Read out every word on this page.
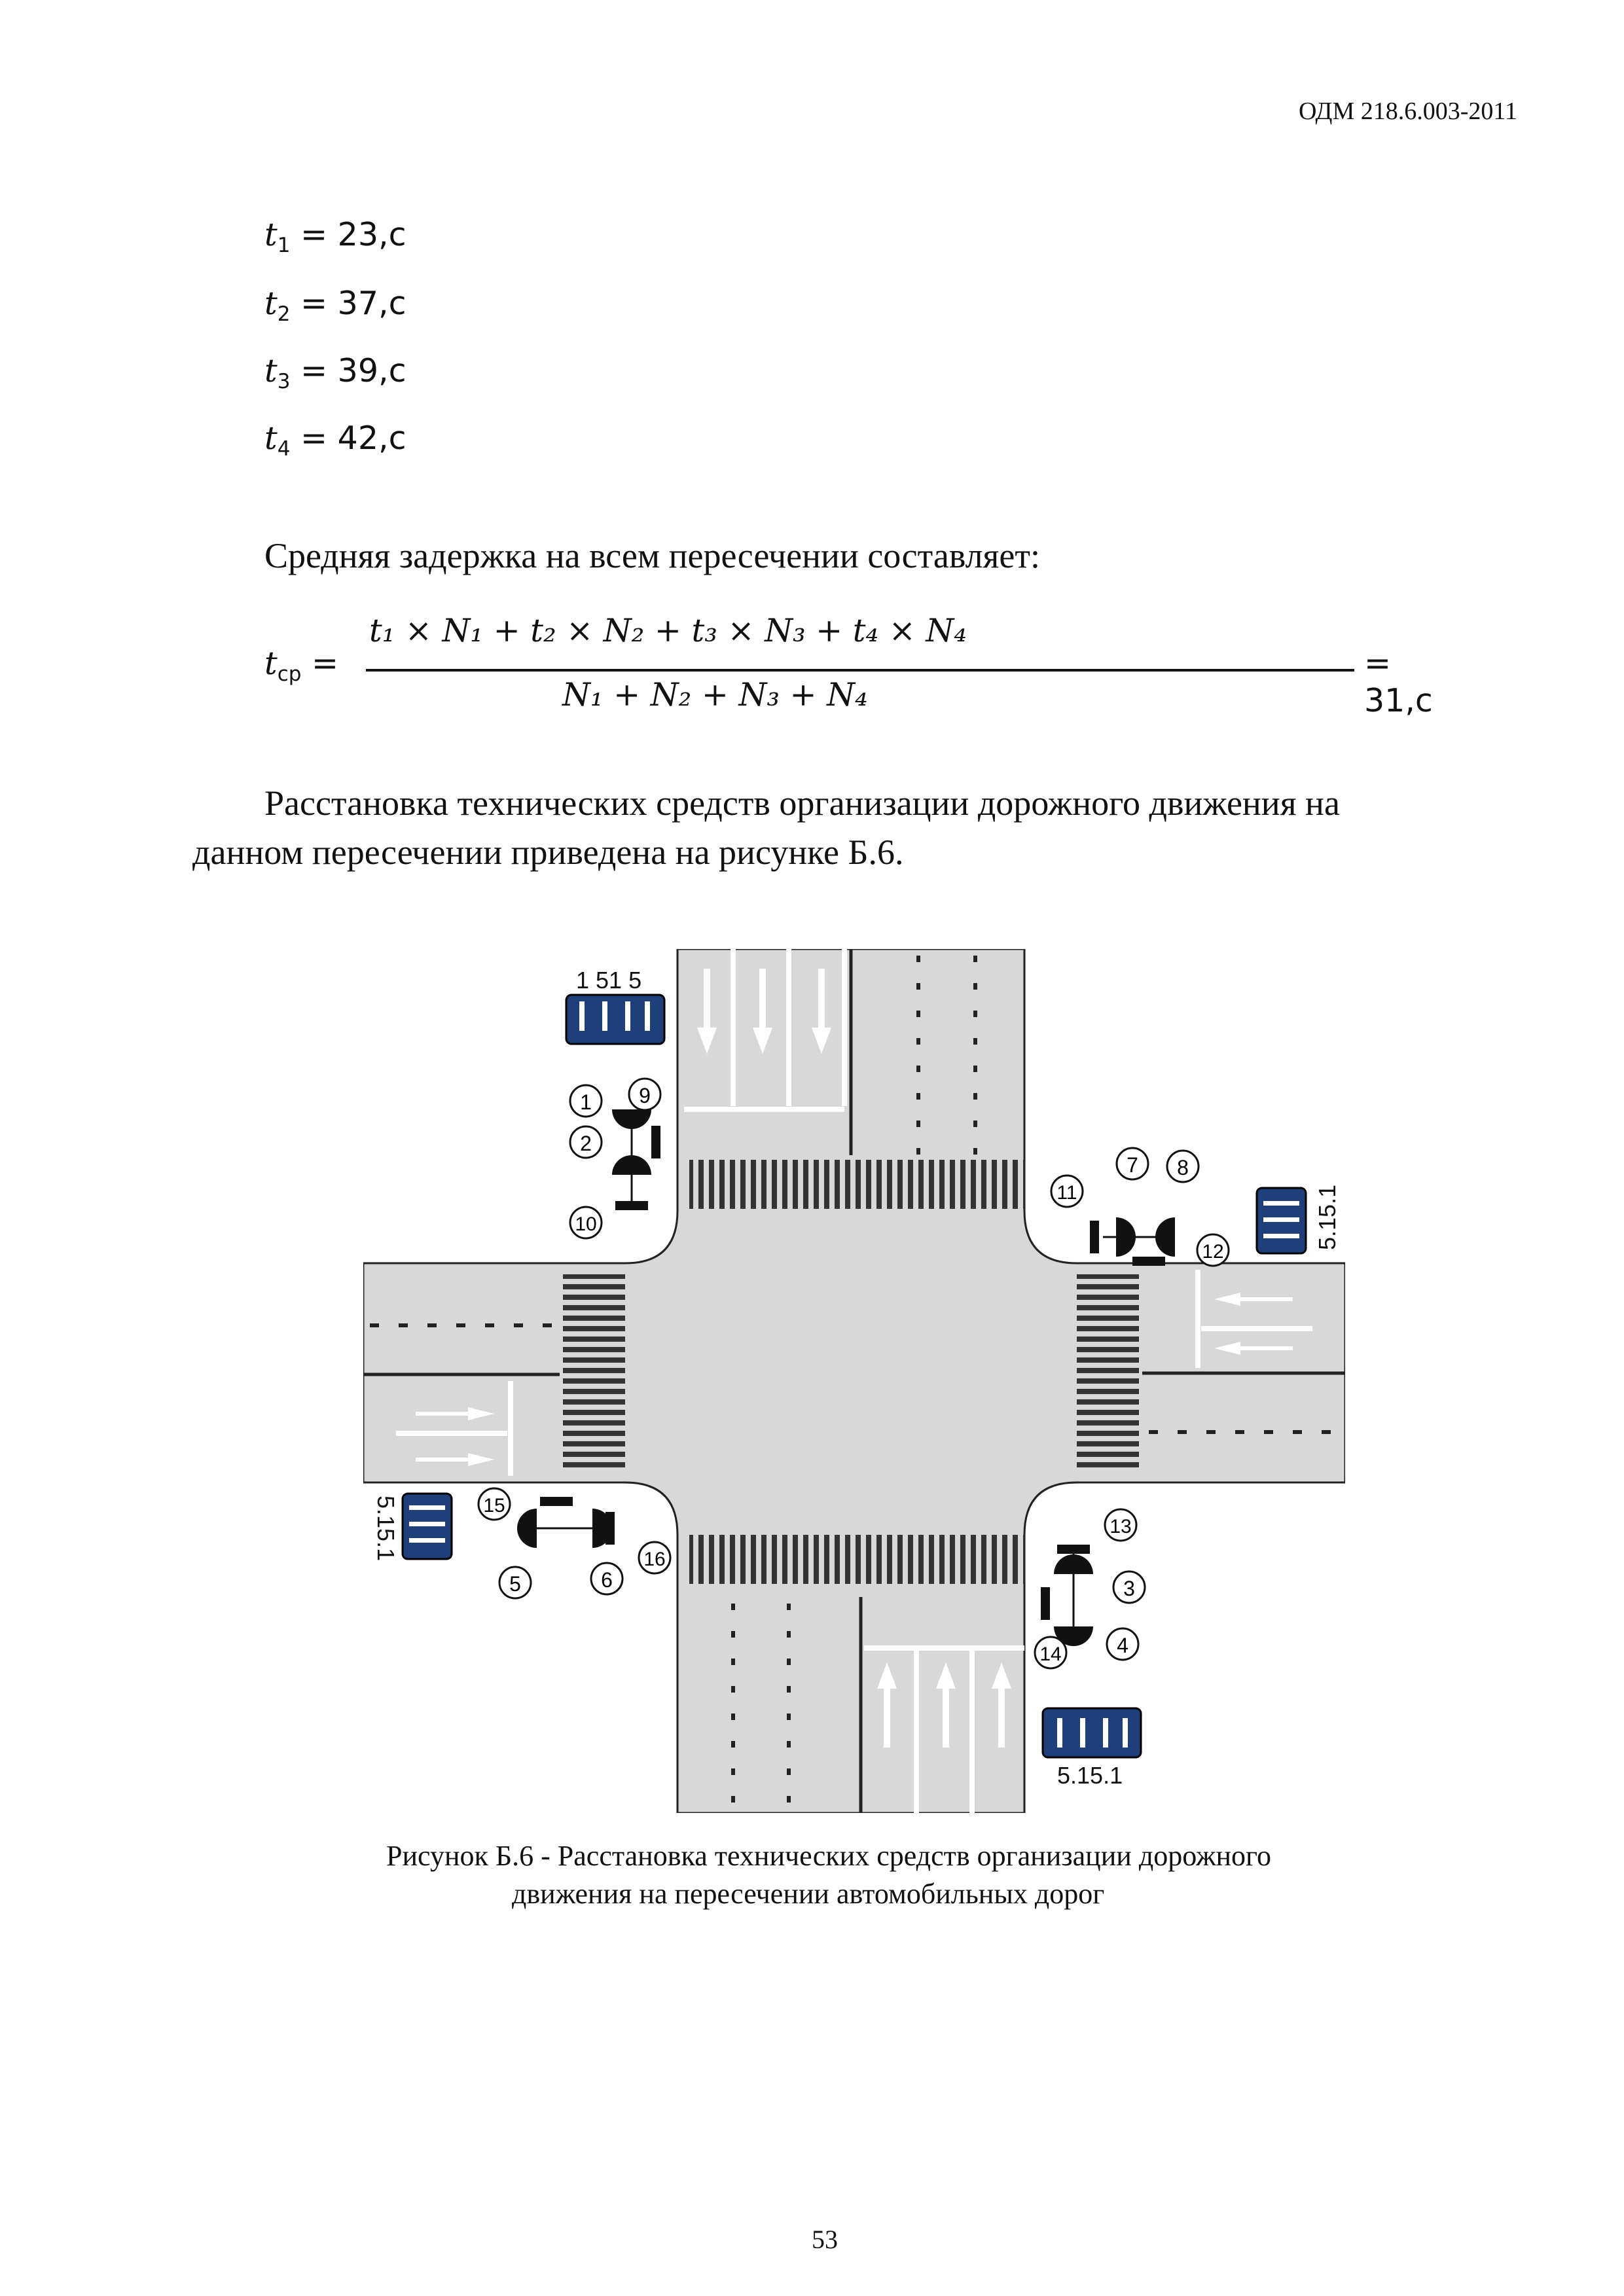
ОДМ 218.6.003-2011
$t_1 = 23,с$
$t_2 = 37,с$
$t_3 = 39,с$
$t_4 = 42,с$
Средняя задержка на всем пересечении составляет:
$t_{ср}$ =
t₁ × N₁ + t₂ × N₂ + t₃ × N₃ + t₄ × N₄
N₁ + N₂ + N₃ + N₄
= 31,с
Расстановка технических средств организации дорожного движения на
данном пересечении приведена на рисунке Б.6.
1 51 5
5.15.1
5.15.1
5.15.1
1 9
2
10
7 8
11
12
15
16
5	6
13
3
4
14
Рисунок Б.6 - Расстановка технических средств организации дорожного
движения на пересечении автомобильных дорог
53
